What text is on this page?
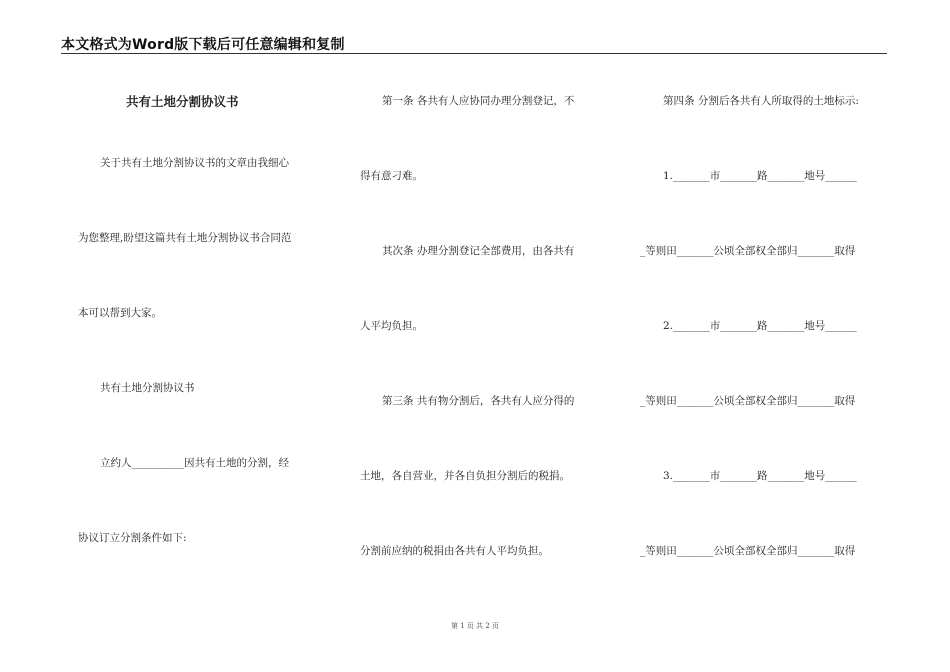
本文格式为Word版下载后可任意编辑和复制
共有土地分割协议书
关于共有土地分割协议书的文章由我细心
为您整理,盼望这篇共有土地分割协议书合同范
本可以帮到大家。
共有土地分割协议书
立约人__________因共有土地的分割，经
协议订立分割条件如下:
第一条 各共有人应协同办理分割登记，不
得有意刁难。
其次条 办理分割登记全部费用，由各共有
人平均负担。
第三条 共有物分割后，各共有人应分得的
土地，各自营业，并各自负担分割后的税捐。
分割前应纳的税捐由各共有人平均负担。
第四条 分割后各共有人所取得的土地标示:
1._______市_______路_______地号______
_等则田_______公顷全部权全部归_______取得
2._______市_______路_______地号______
_等则田_______公顷全部权全部归_______取得
3._______市_______路_______地号______
_等则田_______公顷全部权全部归_______取得
第 1 页 共 2 页
